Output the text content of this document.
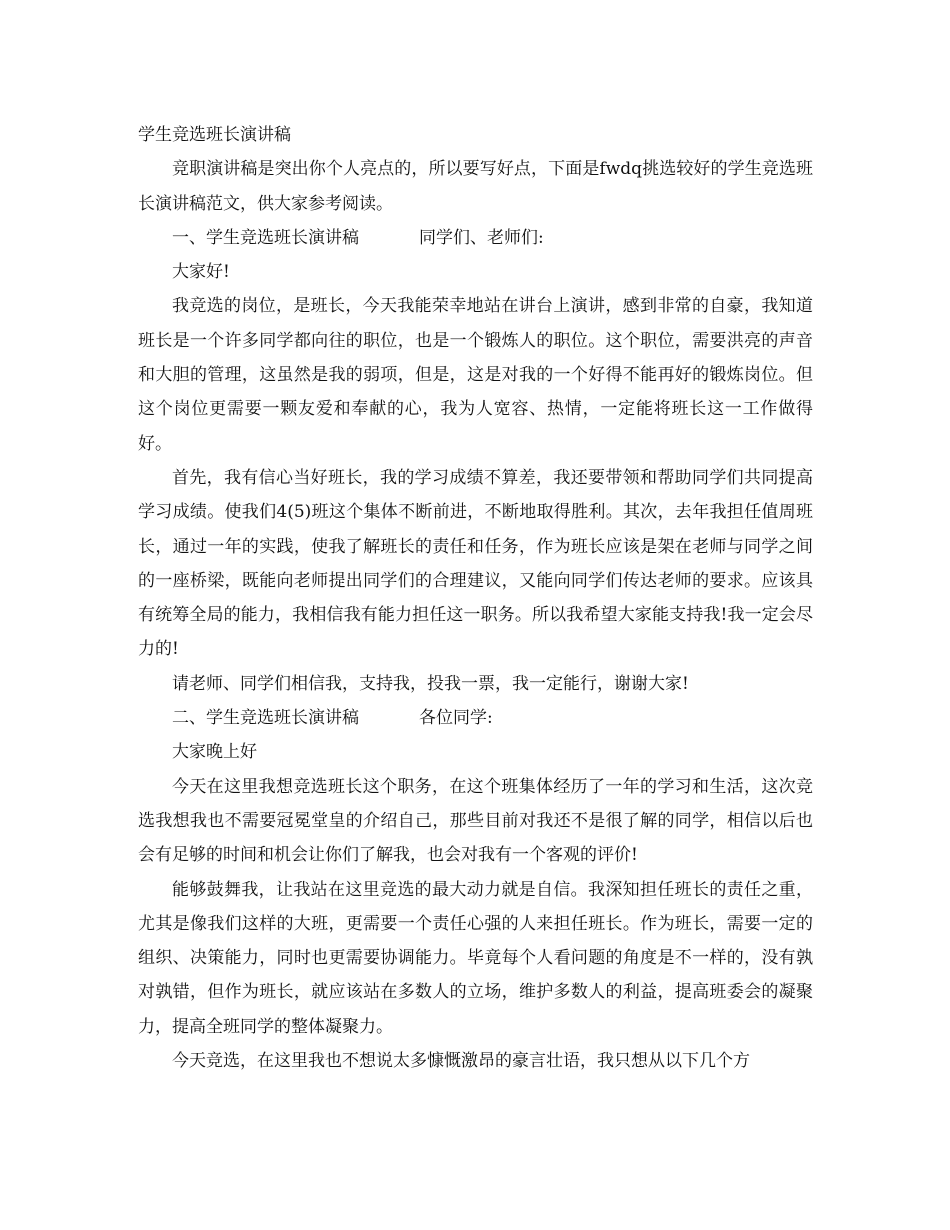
学生竞选班长演讲稿

竞职演讲稿是突出你个人亮点的，所以要写好点，下面是fwdq挑选较好的学生竞选班长演讲稿范文，供大家参考阅读。

一、学生竞选班长演讲稿	同学们、老师们:

大家好!

我竞选的岗位，是班长，今天我能荣幸地站在讲台上演讲，感到非常的自豪，我知道班长是一个许多同学都向往的职位，也是一个锻炼人的职位。这个职位，需要洪亮的声音和大胆的管理，这虽然是我的弱项，但是，这是对我的一个好得不能再好的锻炼岗位。但这个岗位更需要一颗友爱和奉献的心，我为人宽容、热情，一定能将班长这一工作做得好。

首先，我有信心当好班长，我的学习成绩不算差，我还要带领和帮助同学们共同提高学习成绩。使我们4(5)班这个集体不断前进，不断地取得胜利。其次，去年我担任值周班长，通过一年的实践，使我了解班长的责任和任务，作为班长应该是架在老师与同学之间的一座桥梁，既能向老师提出同学们的合理建议，又能向同学们传达老师的要求。应该具有统筹全局的能力，我相信我有能力担任这一职务。所以我希望大家能支持我!我一定会尽力的!

请老师、同学们相信我，支持我，投我一票，我一定能行，谢谢大家!

二、学生竞选班长演讲稿	各位同学:

大家晚上好

今天在这里我想竞选班长这个职务，在这个班集体经历了一年的学习和生活，这次竞选我想我也不需要冠冕堂皇的介绍自己，那些目前对我还不是很了解的同学，相信以后也会有足够的时间和机会让你们了解我，也会对我有一个客观的评价!

能够鼓舞我，让我站在这里竞选的最大动力就是自信。我深知担任班长的责任之重，尤其是像我们这样的大班，更需要一个责任心强的人来担任班长。作为班长，需要一定的组织、决策能力，同时也更需要协调能力。毕竟每个人看问题的角度是不一样的，没有孰对孰错，但作为班长，就应该站在多数人的立场，维护多数人的利益，提高班委会的凝聚力，提高全班同学的整体凝聚力。

今天竞选，在这里我也不想说太多慷慨激昂的豪言壮语，我只想从以下几个方
